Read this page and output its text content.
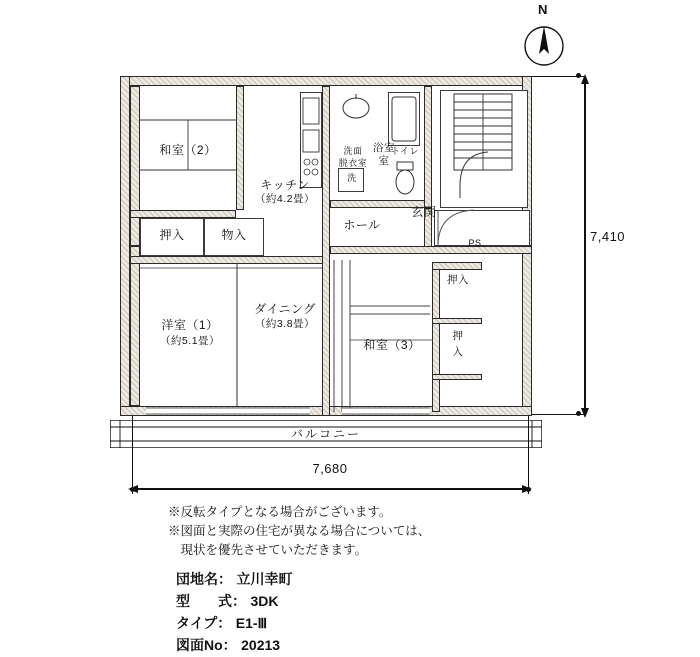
N
和室（2）
キッチン
（約4.2畳）
浴室
室
洗面
脱衣室
洗
トイレ
玄関
ホール
押入	物入
洋室（1）
（約5.1畳）
ダイニング
（約3.8畳）
和室（3）
押入
押
入
PS
バルコニー
7,410
7,680
※反転タイプとなる場合がございます。
※図面と実際の住宅が異なる場合については、
　現状を優先させていただきます。
団地名： 立川幸町
型　　式： 3DK
タイプ： E1-Ⅲ
図面No： 20213
